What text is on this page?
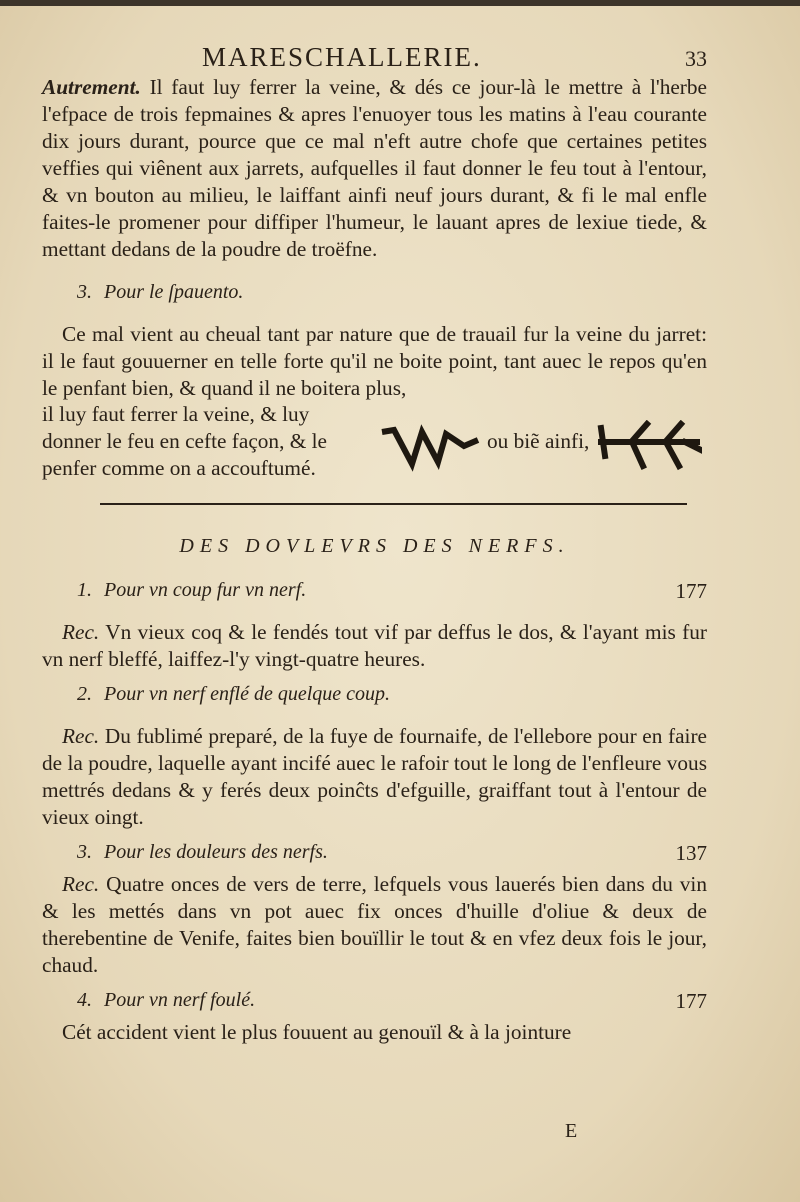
MARESCHALLERIE.	33

Autrement. Il faut luy ferrer la veine, & dés ce jour-là le mettre à l'herbe l'efpace de trois fepmaines & apres l'enuoyer tous les matins à l'eau courante dix jours durant, pource que ce mal n'eft autre chofe que certaines petites veffies qui viênent aux jarrets, aufquelles il faut donner le feu tout à l'entour, & vn bouton au milieu, le laiffant ainfi neuf jours durant, & fi le mal enfle faites-le promener pour diffiper l'humeur, le lauant apres de lexiue tiede, & mettant dedans de la poudre de troëfne.

3. Pour le ſpauento.

Ce mal vient au cheual tant par nature que de trauail fur la veine du jarret: il le faut gouuerner en telle forte qu'il ne boite point, tant auec le repos qu'en le penfant bien, & quand il ne boitera plus,

il luy faut ferrer la veine, & luy
donner le feu en cefte façon, & le	ou biẽ ainfi,
penfer comme on a accouftumé.
DES DOVLEVRS DES NERFS.
1. Pour vn coup fur vn nerf.	177

Rec. Vn vieux coq & le fendés tout vif par deffus le dos, & l'ayant mis fur vn nerf bleffé, laiffez-l'y vingt-quatre heures.

2. Pour vn nerf enflé de quelque coup.

Rec. Du fublimé preparé, de la fuye de fournaife, de l'ellebore pour en faire de la poudre, laquelle ayant incifé auec le rafoir tout le long de l'enfleure vous mettrés dedans & y ferés deux poinĉts d'efguille, graiffant tout à l'entour de vieux oingt.

3. Pour les douleurs des nerfs.	137

Rec. Quatre onces de vers de terre, lefquels vous lauerés bien dans du vin & les mettés dans vn pot auec fix onces d'huille d'oliue & deux de therebentine de Venife, faites bien bouïllir le tout & en vfez deux fois le jour, chaud.

4. Pour vn nerf foulé.	177

Cét accident vient le plus fouuent au genouïl & à la jointure

E
